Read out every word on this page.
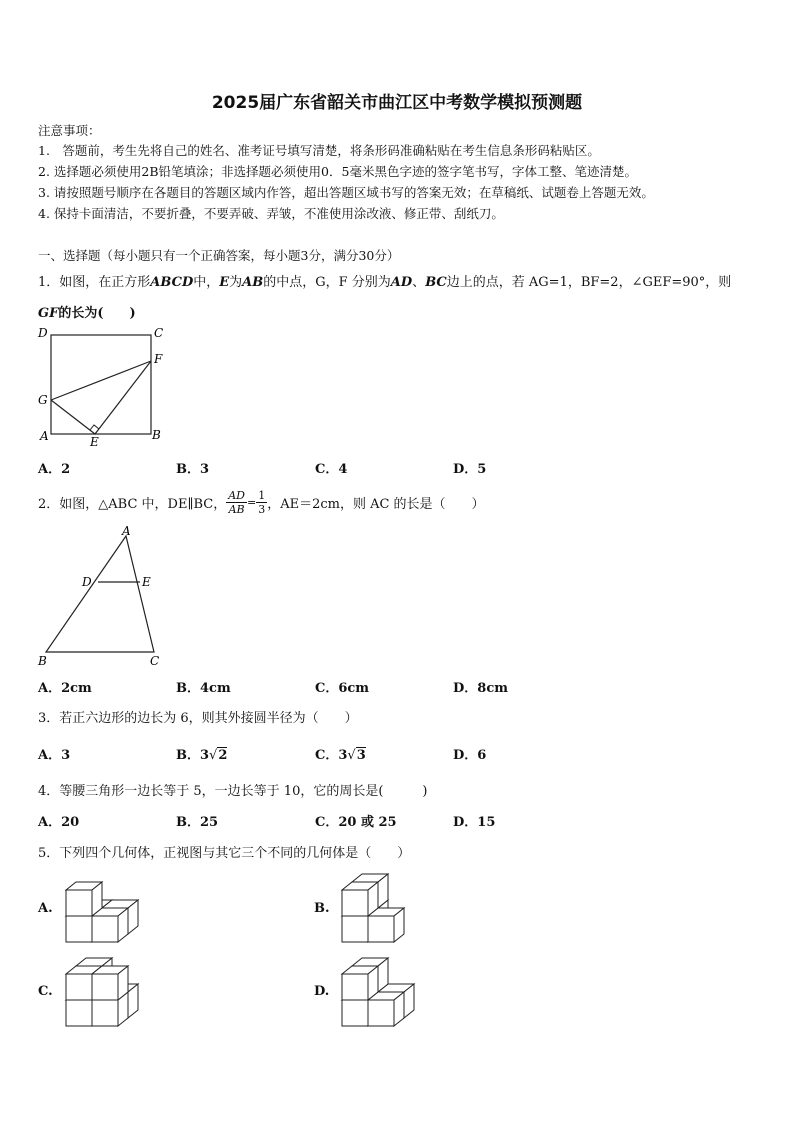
2025届广东省韶关市曲江区中考数学模拟预测题
注意事项：
1.　答题前，考生先将自己的姓名、准考证号填写清楚，将条形码准确粘贴在考生信息条形码粘贴区。
2. 选择题必须使用2B铅笔填涂；非选择题必须使用0．5毫米黑色字迹的签字笔书写，字体工整、笔迹清楚。
3. 请按照题号顺序在各题目的答题区域内作答，超出答题区域书写的答案无效；在草稿纸、试题卷上答题无效。
4. 保持卡面清洁，不要折叠，不要弄破、弄皱，不准使用涂改液、修正带、刮纸刀。
一、选择题（每小题只有一个正确答案，每小题3分，满分30分）
1．如图，在正方形ABCD中，E为AB的中点，G，F 分别为AD、BC边上的点，若 AG=1，BF=2，∠GEF=90°，则
GF的长为(　　)
D	C
F
G
A	E	B
A．2	B．3	C．4	D．5
2．如图，△ABC 中，DE∥BC， $\frac{AD}{AB} = \frac{1}{3}$ ，AE＝2cm，则 AC 的长是（　　）
A
D	E
B	C
A．2cm	B．4cm	C．6cm	D．8cm
3．若正六边形的边长为 6，则其外接圆半径为（　　）
A．3	B．3√2	C．3√3	D．6
4．等腰三角形一边长等于 5，一边长等于 10，它的周长是(　　　)
A．20	B．25	C．20 或 25	D．15
5．下列四个几何体，正视图与其它三个不同的几何体是（　　）
A.	B.
C.	D.
